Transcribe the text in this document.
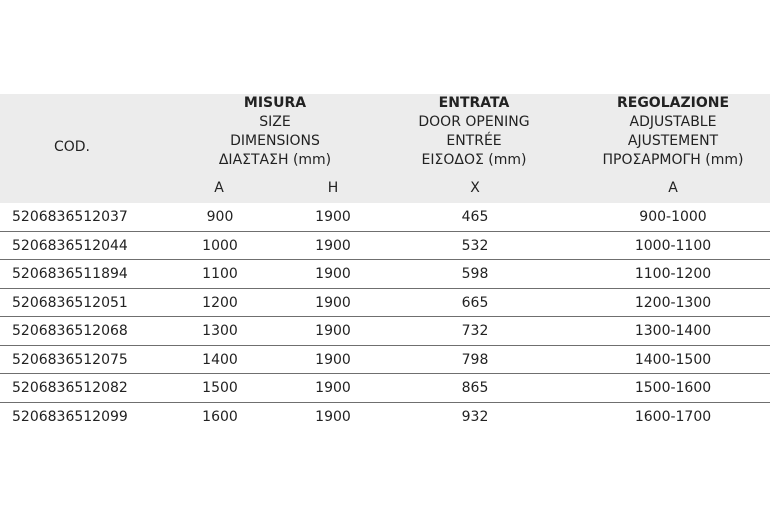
COD.
MISURA
SIZE
DIMENSIONS
ΔΙΑΣΤΑΣΗ (mm)
ENTRATA
DOOR OPENING
ENTRÉE
ΕΙΣΟΔΟΣ (mm)
REGOLAZIONE
ADJUSTABLE
AJUSTEMENT
ΠΡΟΣΑΡΜΟΓΗ (mm)
A	H	X	A
5206836512037	900	1900	465	900-1000
5206836512044	1000	1900	532	1000-1100
5206836511894	1100	1900	598	1100-1200
5206836512051	1200	1900	665	1200-1300
5206836512068	1300	1900	732	1300-1400
5206836512075	1400	1900	798	1400-1500
5206836512082	1500	1900	865	1500-1600
5206836512099	1600	1900	932	1600-1700
